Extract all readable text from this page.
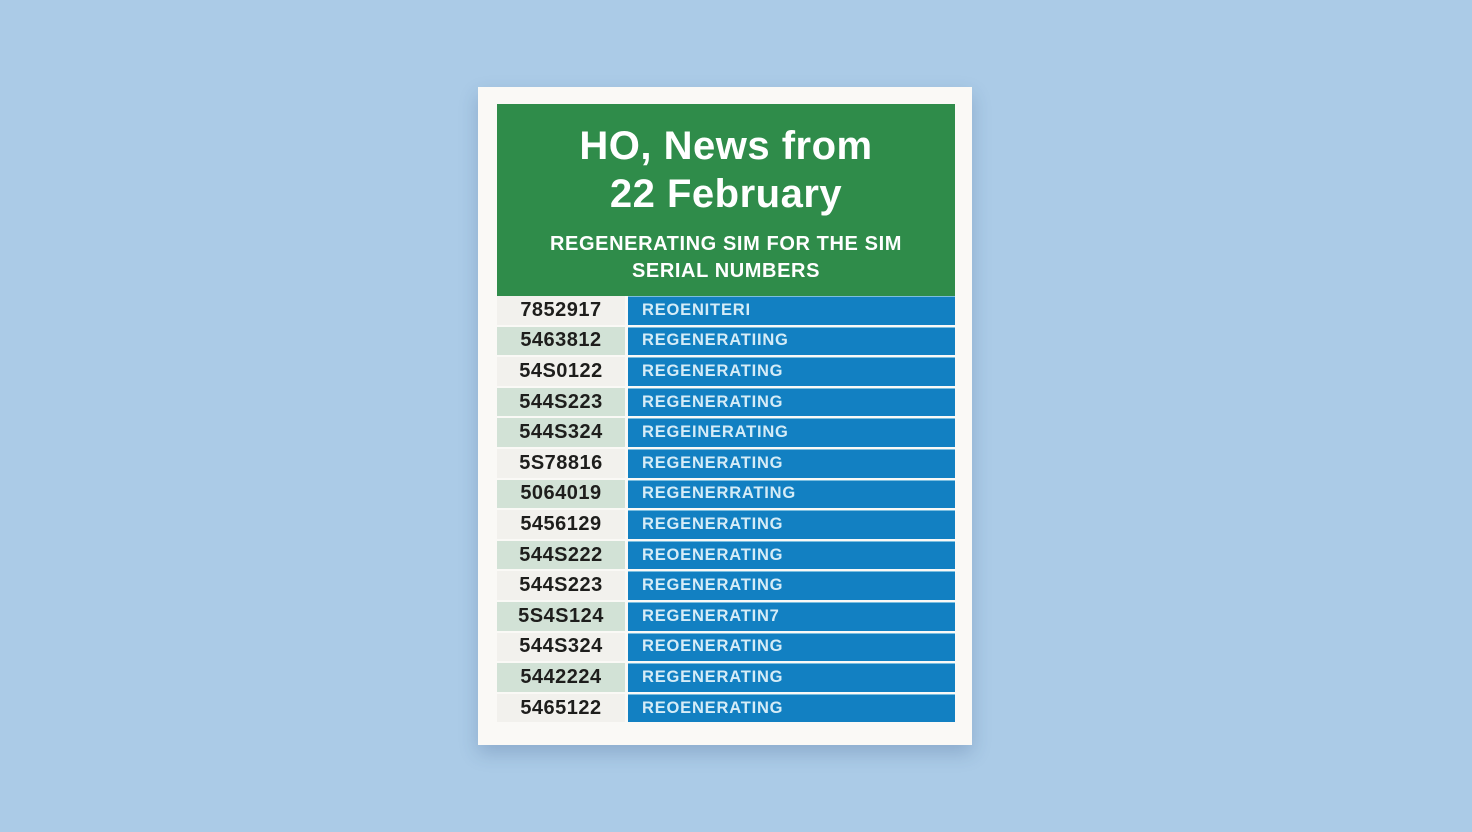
HO, News from
22 February
REGENERATING SIM FOR THE SIM
SERIAL NUMBERS
7852917	REOENITERI
5463812	REGENERATIING
54S0122	REGENERATING
544S223	REGENERATING
544S324	REGEINERATING
5S78816	REGENERATING
5064019	REGENERRATING
5456129	REGENERATING
544S222	REOENERATING
544S223	REGENERATING
5S4S124	REGENERATIN7
544S324	REOENERATING
5442224	REGENERATING
5465122	REOENERATING
